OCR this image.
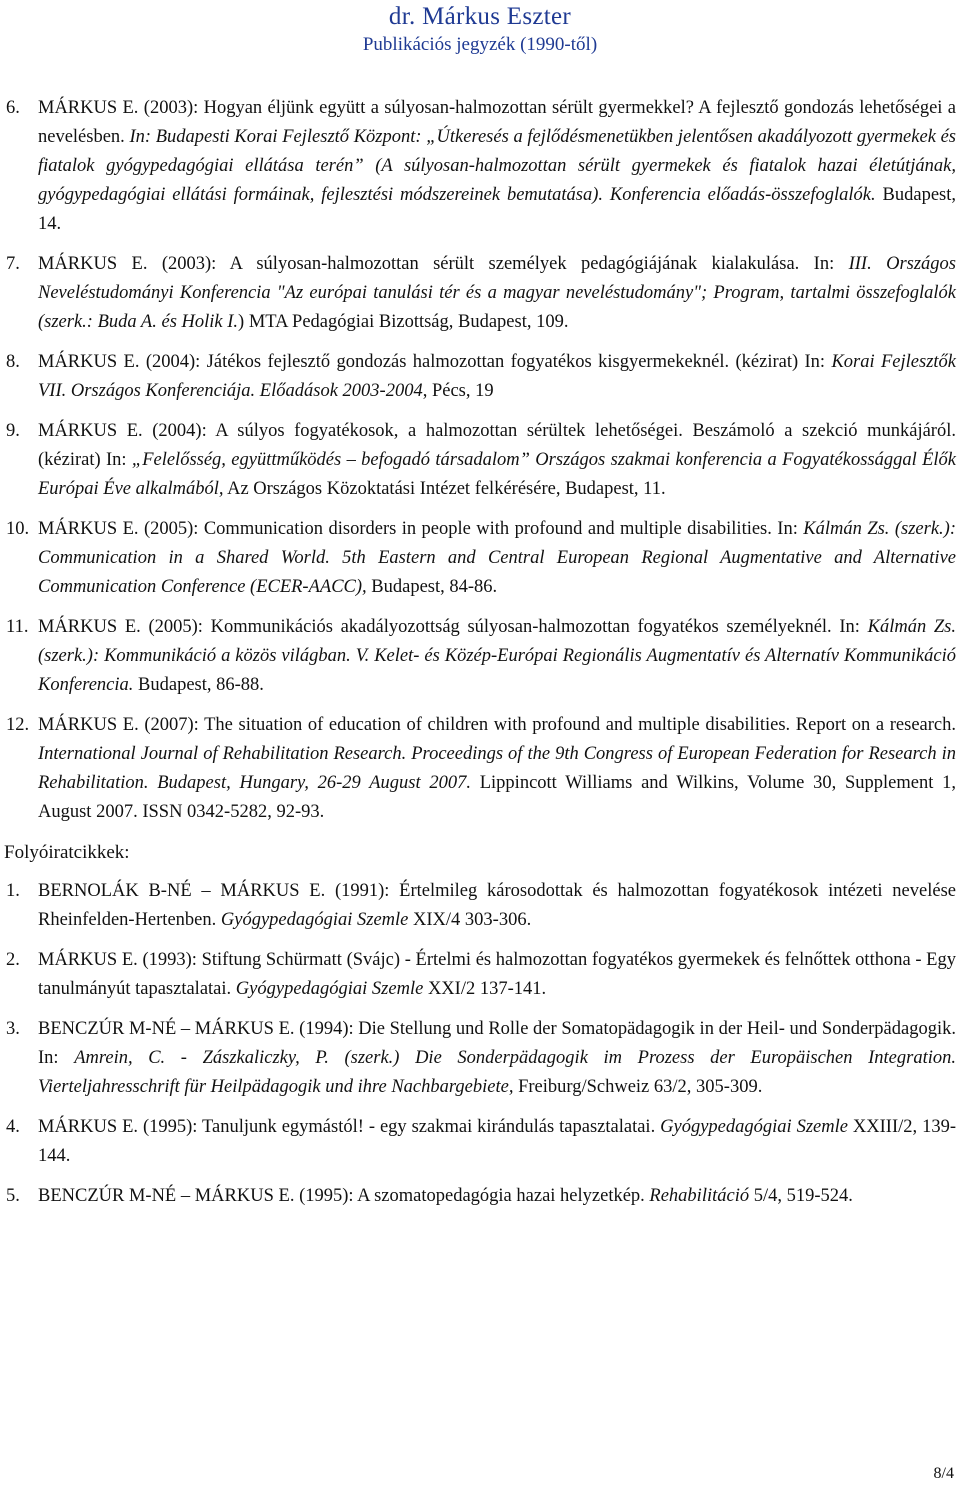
dr. Márkus Eszter
Publikációs jegyzék (1990-től)
6. MÁRKUS E. (2003): Hogyan éljünk együtt a súlyosan-halmozottan sérült gyermekkel? A fejlesztő gondozás lehetőségei a nevelésben. In: Budapesti Korai Fejlesztő Központ: „Útkeresés a fejlődésmenetükben jelentősen akadályozott gyermekek és fiatalok gyógypedagógiai ellátása terén” (A súlyosan-halmozottan sérült gyermekek és fiatalok hazai életútjának, gyógypedagógiai ellátási formáinak, fejlesztési módszereinek bemutatása). Konferencia előadás-összefoglalók. Budapest, 14.
7. MÁRKUS E. (2003): A súlyosan-halmozottan sérült személyek pedagógiájának kialakulása. In: III. Országos Neveléstudományi Konferencia "Az európai tanulási tér és a magyar neveléstudomány"; Program, tartalmi összefoglalók (szerk.: Buda A. és Holik I.) MTA Pedagógiai Bizottság, Budapest, 109.
8. MÁRKUS E. (2004): Játékos fejlesztő gondozás halmozottan fogyatékos kisgyermekeknél. (kézirat) In: Korai Fejlesztők VII. Országos Konferenciája. Előadások 2003-2004, Pécs, 19
9. MÁRKUS E. (2004): A súlyos fogyatékosok, a halmozottan sérültek lehetőségei. Beszámoló a szekció munkájáról. (kézirat) In: „Felelősség, együttműködés – befogadó társadalom” Országos szakmai konferencia a Fogyatékossággal Élők Európai Éve alkalmából, Az Országos Közoktatási Intézet felkérésére, Budapest, 11.
10. MÁRKUS E. (2005): Communication disorders in people with profound and multiple disabilities. In: Kálmán Zs. (szerk.): Communication in a Shared World. 5th Eastern and Central European Regional Augmentative and Alternative Communication Conference (ECER-AACC), Budapest, 84-86.
11. MÁRKUS E. (2005): Kommunikációs akadályozottság súlyosan-halmozottan fogyatékos személyeknél. In: Kálmán Zs. (szerk.): Kommunikáció a közös világban. V. Kelet- és Közép-Európai Regionális Augmentatív és Alternatív Kommunikáció Konferencia. Budapest, 86-88.
12. MÁRKUS E. (2007): The situation of education of children with profound and multiple disabilities. Report on a research. International Journal of Rehabilitation Research. Proceedings of the 9th Congress of European Federation for Research in Rehabilitation. Budapest, Hungary, 26-29 August 2007. Lippincott Williams and Wilkins, Volume 30, Supplement 1, August 2007. ISSN 0342-5282, 92-93.
Folyóiratcikkek:
1. BERNOLÁK B-NÉ – MÁRKUS E. (1991): Értelmileg károsodottak és halmozottan fogyatékosok intézeti nevelése Rheinfelden-Hertenben. Gyógypedagógiai Szemle XIX/4 303-306.
2. MÁRKUS E. (1993): Stiftung Schürmatt (Svájc) - Értelmi és halmozottan fogyatékos gyermekek és felnőttek otthona - Egy tanulmányút tapasztalatai. Gyógypedagógiai Szemle XXI/2 137-141.
3. BENCZÚR M-NÉ – MÁRKUS E. (1994): Die Stellung und Rolle der Somatopädagogik in der Heil- und Sonderpädagogik. In: Amrein, C. - Zászkaliczky, P. (szerk.) Die Sonderpädagogik im Prozess der Europäischen Integration. Vierteljahresschrift für Heilpädagogik und ihre Nachbargebiete, Freiburg/Schweiz 63/2, 305-309.
4. MÁRKUS E. (1995): Tanuljunk egymástól! - egy szakmai kirándulás tapasztalatai. Gyógypedagógiai Szemle XXIII/2, 139-144.
5. BENCZÚR M-NÉ – MÁRKUS E. (1995): A szomatopedagógia hazai helyzetkép. Rehabilitáció 5/4, 519-524.
8/4
